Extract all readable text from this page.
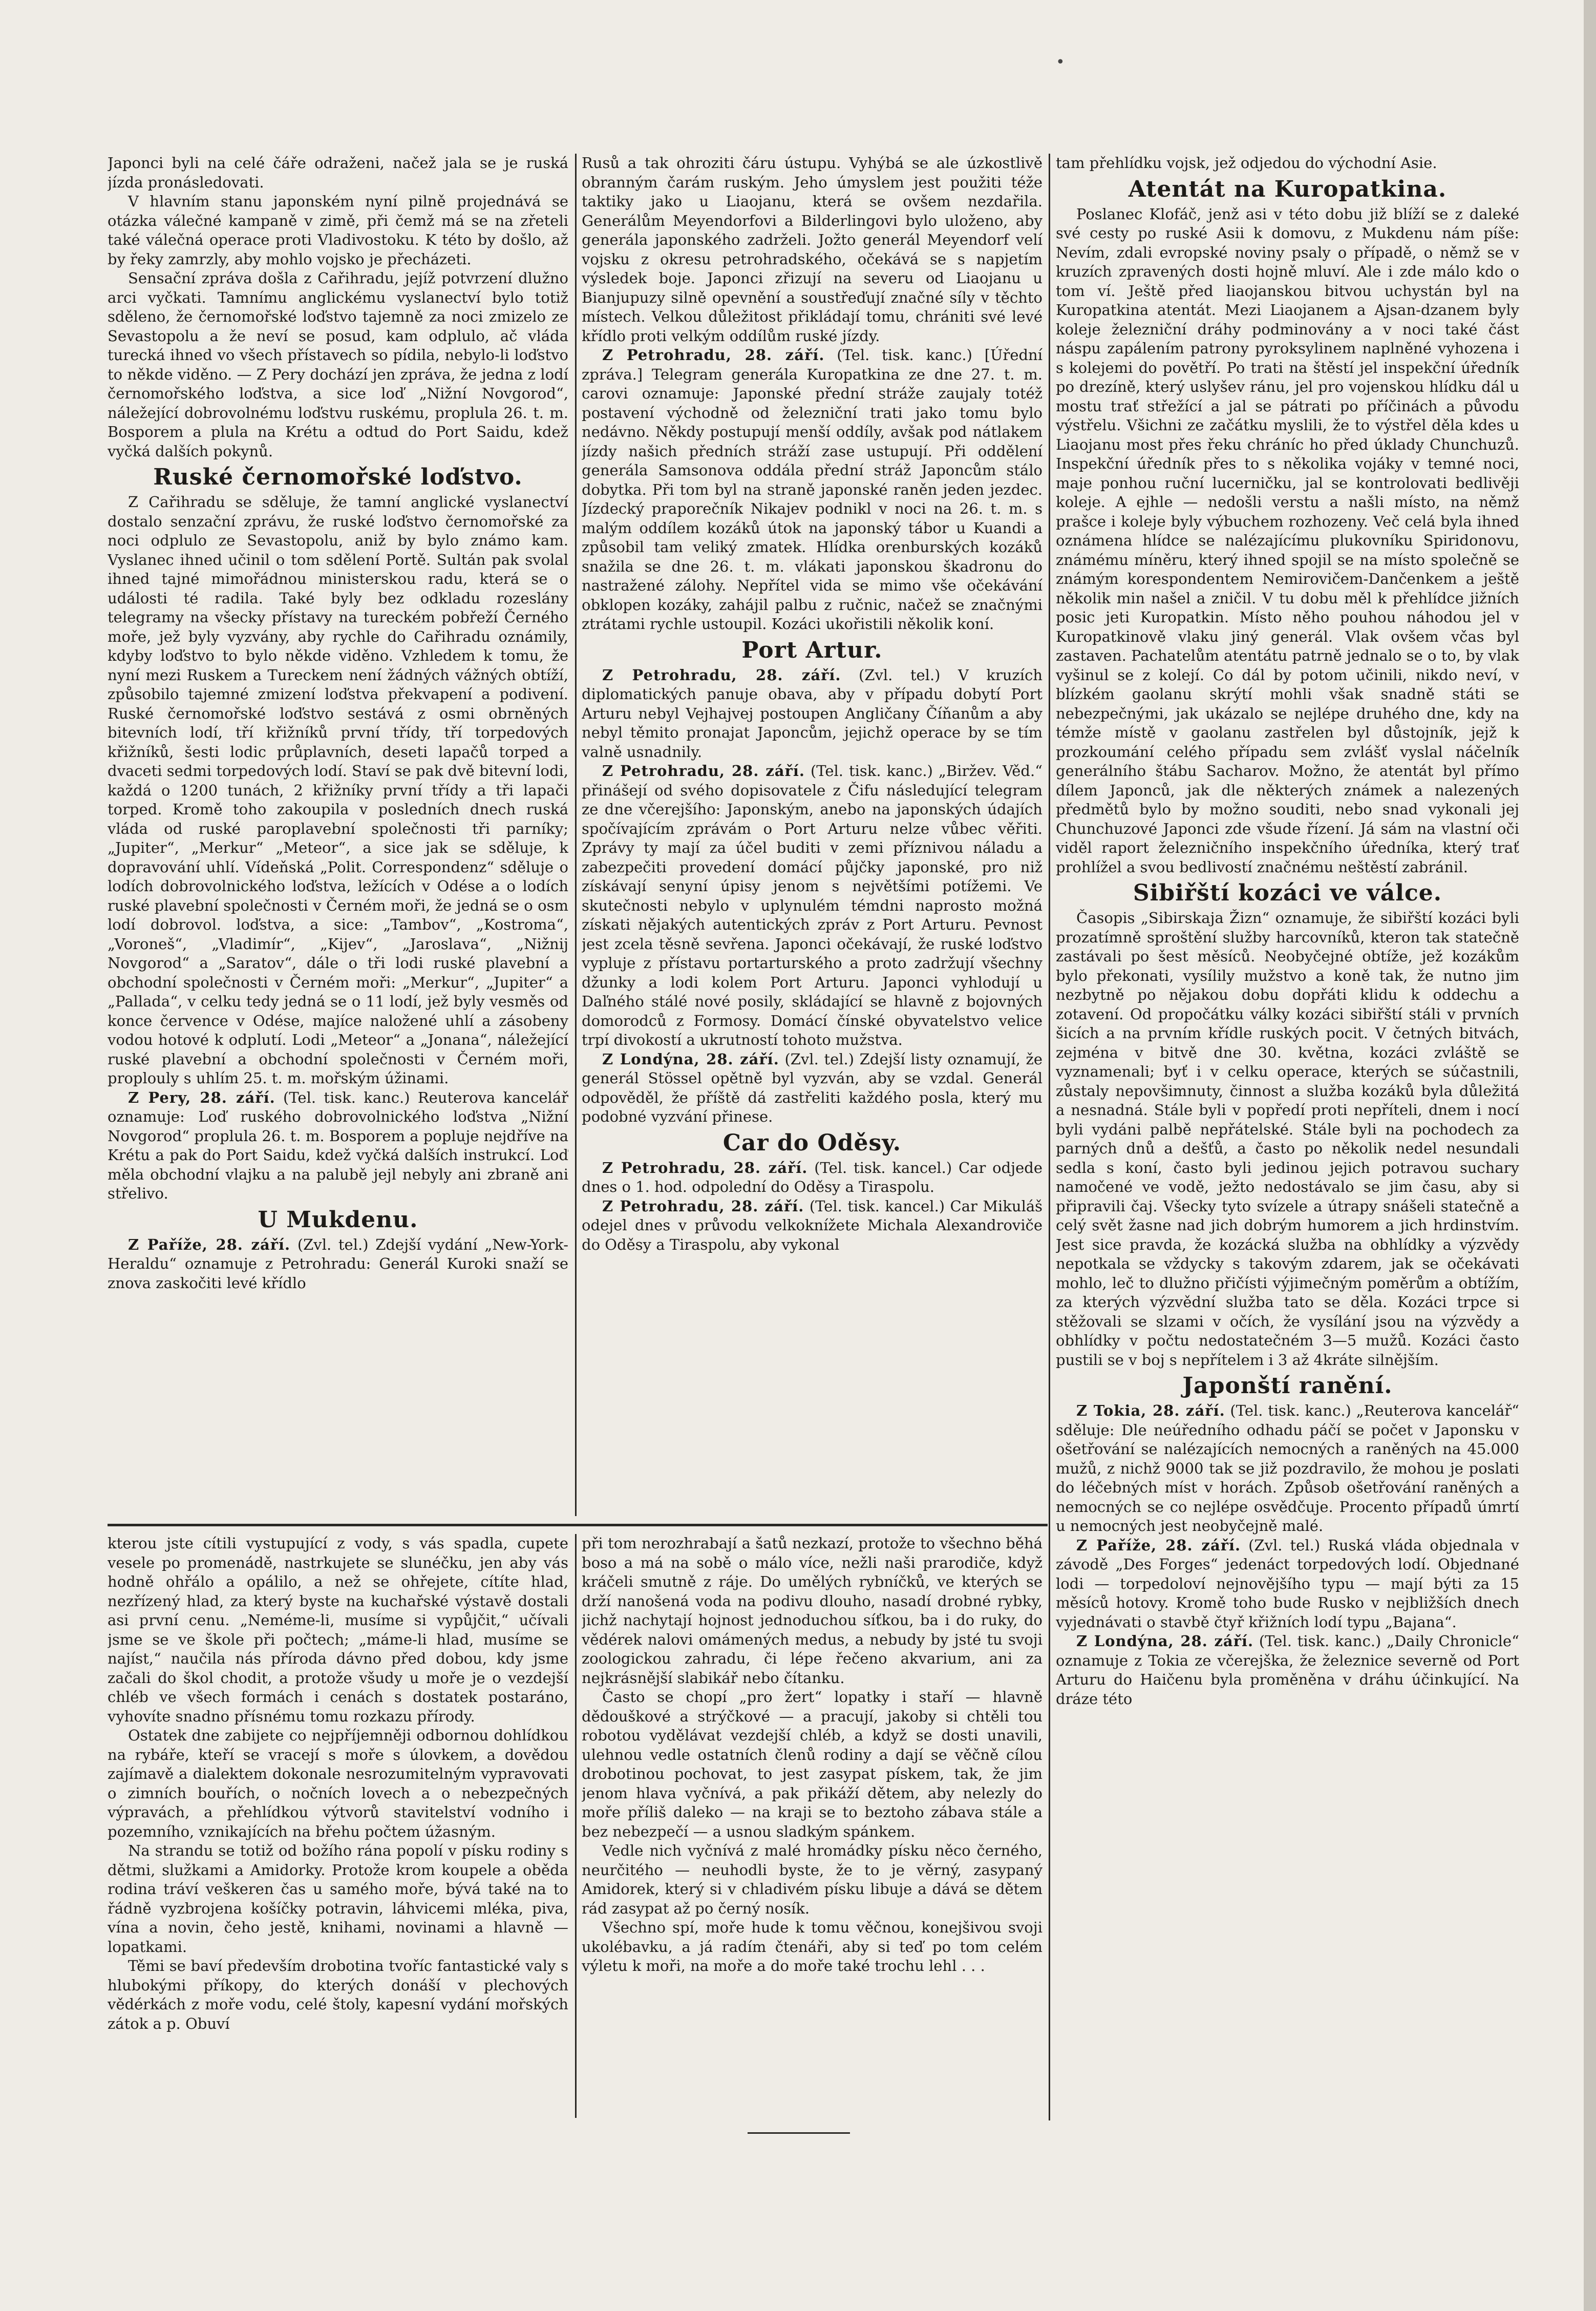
•

Japonci byli na celé čáře odraženi, načež jala se je ruská jízda pronásledovati.

V hlavním stanu japonském nyní pilně projednává se otázka válečné kampaně v zimě, při čemž má se na zřeteli také válečná operace proti Vladivostoku. K této by došlo, až by řeky zamrzly, aby mohlo vojsko je přecházeti.

Sensační zpráva došla z Cařihradu, jejíž potvrzení dlužno arci vyčkati. Tamnímu anglickému vyslanectví bylo totiž sděleno, že černomořské loďstvo tajemně za noci zmizelo ze Sevastopolu a že neví se posud, kam odplulo, ač vláda turecká ihned vo všech přístavech so pídila, nebylo-li loďstvo to někde viděno. — Z Pery dochází jen zpráva, že jedna z lodí černomořského loďstva, a sice loď „Nižní Novgorod“, náležející dobrovolnému loďstvu ruskému, proplula 26. t. m. Bosporem a plula na Krétu a odtud do Port Saidu, kdež vyčká dalších pokynů.

Ruské černomořské loďstvo.

Z Cařihradu se sděluje, že tamní anglické vyslanectví dostalo senzační zprávu, že ruské loďstvo černomořské za noci odplulo ze Sevastopolu, aniž by bylo známo kam. Vyslanec ihned učinil o tom sdělení Portě. Sultán pak svolal ihned tajné mimořádnou ministerskou radu, která se o události té radila. Také byly bez odkladu rozeslány telegramy na všecky přístavy na tureckém pobřeží Černého moře, jež byly vyzvány, aby rychle do Cařihradu oznámily, kdyby loďstvo to bylo někde viděno. Vzhledem k tomu, že nyní mezi Ruskem a Tureckem není žádných vážných obtíží, způsobilo tajemné zmizení loďstva překvapení a podivení. Ruské černomořské loďstvo sestává z osmi obrněných bitevních lodí, tří křižníků první třídy, tří torpedových křižníků, šesti lodic průplavních, deseti lapačů torped a dvaceti sedmi torpedových lodí. Staví se pak dvě bitevní lodi, každá o 1200 tunách, 2 křižníky první třídy a tři lapači torped. Kromě toho zakoupila v posledních dnech ruská vláda od ruské paroplavební společnosti tři parníky; „Jupiter“, „Merkur“ „Meteor“, a sice jak se sděluje, k dopravování uhlí. Vídeňská „Polit. Correspondenz“ sděluje o lodích dobrovolnického loďstva, ležících v Odése a o lodích ruské plavební společnosti v Černém moři, že jedná se o osm lodí dobrovol. loďstva, a sice: „Tambov“, „Kostroma“, „Voroneš“, „Vladimír“, „Kijev“, „Jaroslava“, „Nižnij Novgorod“ a „Saratov“, dále o tři lodi ruské plavební a obchodní společnosti v Černém moři: „Merkur“, „Jupiter“ a „Pallada“, v celku tedy jedná se o 11 lodí, jež byly vesměs od konce července v Odése, majíce naložené uhlí a zásobeny vodou hotové k odplutí. Lodi „Meteor“ a „Jonana“, náležející ruské plavební a obchodní společnosti v Černém moři, proplouly s uhlím 25. t. m. mořským úžinami.

Z Pery, 28. září. (Tel. tisk. kanc.) Reuterova kancelář oznamuje: Loď ruského dobrovolnického loďstva „Nižní Novgorod“ proplula 26. t. m. Bosporem a popluje nejdříve na Krétu a pak do Port Saidu, kdež vyčká dalších instrukcí. Loď měla obchodní vlajku a na palubě jejl nebyly ani zbraně ani střelivo.

U Mukdenu.

Z Paříže, 28. září. (Zvl. tel.) Zdejší vydání „New-York-Heraldu“ oznamuje z Petrohradu: Generál Kuroki snaží se znova zaskočiti levé křídlo

Rusů a tak ohroziti čáru ústupu. Vyhýbá se ale úzkostlivě obranným čarám ruským. Jeho úmyslem jest použiti téže taktiky jako u Liaojanu, která se ovšem nezdařila. Generálům Meyendorfovi a Bilderlingovi bylo uloženo, aby generála japonského zadrželi. Jožto generál Meyendorf velí vojsku z okresu petrohradského, očekává se s napjetím výsledek boje. Japonci zřizují na severu od Liaojanu u Bianjupuzy silně opevnění a soustřeďují značné síly v těchto místech. Velkou důležitost přikládají tomu, chrániti své levé křídlo proti velkým oddílům ruské jízdy.

Z Petrohradu, 28. září. (Tel. tisk. kanc.) [Úřední zpráva.] Telegram generála Kuropatkina ze dne 27. t. m. carovi oznamuje: Japonské přední stráže zaujaly totéž postavení východně od železniční trati jako tomu bylo nedávno. Někdy postupují menší oddíly, avšak pod nátlakem jízdy našich předních stráží zase ustupují. Při oddělení generála Samsonova oddála přední stráž Japoncům stálo dobytka. Při tom byl na straně japonské raněn jeden jezdec. Jízdecký praporečník Nikajev podnikl v noci na 26. t. m. s malým oddílem kozáků útok na japonský tábor u Kuandi a způsobil tam veliký zmatek. Hlídka orenburských kozáků snažila se dne 26. t. m. vlákati japonskou škadronu do nastražené zálohy. Nepřítel vida se mimo vše očekávání obklopen kozáky, zahájil palbu z ručnic, načež se značnými ztrátami rychle ustoupil. Kozáci ukořistili několik koní.

Port Artur.

Z Petrohradu, 28. září. (Zvl. tel.) V kruzích diplomatických panuje obava, aby v případu dobytí Port Arturu nebyl Vejhajvej postoupen Angličany Číňanům a aby nebyl těmito pronajat Japoncům, jejichž operace by se tím valně usnadnily.

Z Petrohradu, 28. září. (Tel. tisk. kanc.) „Biržev. Věd.“ přinášejí od svého dopisovatele z Čifu následující telegram ze dne včerejšího: Japonským, anebo na japonských údajích spočívajícím zprávám o Port Arturu nelze vůbec věřiti. Zprávy ty mají za účel buditi v zemi příznivou náladu a zabezpečiti provedení domácí půjčky japonské, pro niž získávají senyní úpisy jenom s největšími potížemi. Ve skutečnosti nebylo v uplynulém témdni naprosto možná získati nějakých autentických zpráv z Port Arturu. Pevnost jest zcela těsně sevřena. Japonci očekávají, že ruské loďstvo vypluje z přístavu portarturského a proto zadržují všechny džunky a lodi kolem Port Arturu. Japonci vyhlodují u Daľného stálé nové posily, skládající se hlavně z bojovných domorodců z Formosy. Domácí čínské obyvatelstvo velice trpí divokostí a ukrutností tohoto mužstva.

Z Londýna, 28. září. (Zvl. tel.) Zdejší listy oznamují, že generál Stössel opětně byl vyzván, aby se vzdal. Generál odpověděl, že příště dá zastřeliti každého posla, který mu podobné vyzvání přinese.

Car do Oděsy.

Z Petrohradu, 28. září. (Tel. tisk. kancel.) Car odjede dnes o 1. hod. odpolední do Oděsy a Tiraspolu.

Z Petrohradu, 28. září. (Tel. tisk. kancel.) Car Mikuláš odejel dnes v průvodu velkoknížete Michala Alexandroviče do Oděsy a Tiraspolu, aby vykonal

tam přehlídku vojsk, jež odjedou do východní Asie.

Atentát na Kuropatkina.

Poslanec Klofáč, jenž asi v této dobu již blíží se z daleké své cesty po ruské Asii k domovu, z Mukdenu nám píše: Nevím, zdali evropské noviny psaly o případě, o němž se v kruzích zpravených dosti hojně mluví. Ale i zde málo kdo o tom ví. Ještě před liaojanskou bitvou uchystán byl na Kuropatkina atentát. Mezi Liaojanem a Ajsan-dzanem byly koleje železniční dráhy podminovány a v noci také část náspu zapálením patrony pyroksylinem naplněné vyhozena i s kolejemi do povětří. Po trati na štěstí jel inspekční úředník po drezíně, který uslyšev ránu, jel pro vojenskou hlídku dál u mostu trať střežící a jal se pátrati po příčinách a původu výstřelu. Všichni ze začátku myslili, že to výstřel děla kdes u Liaojanu most přes řeku chráníc ho před úklady Chunchuzů. Inspekční úředník přes to s několika vojáky v temné noci, maje ponhou ruční lucerničku, jal se kontrolovati bedlivěji koleje. A ejhle — nedošli verstu a našli místo, na němž prašce i koleje byly výbuchem rozhozeny. Več celá byla ihned oznámena hlídce se nalézajícímu plukovníku Spiridonovu, známému míněru, který ihned spojil se na místo společně se známým korespondentem Nemirovičem-Dančenkem a ještě několik min našel a zničil. V tu dobu měl k přehlídce jižních posic jeti Kuropatkin. Místo něho pouhou náhodou jel v Kuropatkinově vlaku jiný generál. Vlak ovšem včas byl zastaven. Pachatelům atentátu patrně jednalo se o to, by vlak vyšinul se z kolejí. Co dál by potom učinili, nikdo neví, v blízkém gaolanu skrýtí mohli však snadně státi se nebezpečnými, jak ukázalo se nejlépe druhého dne, kdy na témže místě v gaolanu zastřelen byl důstojník, jejž k prozkoumání celého případu sem zvlášť vyslal náčelník generálního štábu Sacharov. Možno, že atentát byl přímo dílem Japonců, jak dle některých známek a nalezených předmětů bylo by možno souditi, nebo snad vykonali jej Chunchuzové Japonci zde všude řízení. Já sám na vlastní oči viděl raport železničního inspekčního úředníka, který trať prohlížel a svou bedlivostí značnému neštěstí zabránil.

Sibiřští kozáci ve válce.

Časopis „Sibirskaja Žizn“ oznamuje, že sibiřští kozáci byli prozatímně sproštění služby harcovníků, kteron tak statečně zastávali po šest měsíců. Neobyčejné obtíže, jež kozákům bylo překonati, vysílily mužstvo a koně tak, že nutno jim nezbytně po nějakou dobu dopřáti klidu k oddechu a zotavení. Od propočátku války kozáci sibiřští stáli v prvních šicích a na prvním křídle ruských pocit. V četných bitvách, zejména v bitvě dne 30. května, kozáci zvláště se vyznamenali; byť i v celku operace, kterých se súčastnili, zůstaly nepovšimnuty, činnost a služba kozáků byla důležitá a nesnadná. Stále byli v popředí proti nepříteli, dnem i nocí byli vydáni palbě nepřátelské. Stále byli na pochodech za parných dnů a dešťů, a často po několik nedel nesundali sedla s koní, často byli jedinou jejich potravou suchary namočené ve vodě, ježto nedostávalo se jim času, aby si připravili čaj. Všecky tyto svízele a útrapy snášeli statečně a celý svět žasne nad jich dobrým humorem a jich hrdinstvím. Jest sice pravda, že kozácká služba na obhlídky a výzvědy nepotkala se vždycky s takovým zdarem, jak se očekávati mohlo, leč to dlužno přičísti výjimečným poměrům a obtížím, za kterých výzvědní služba tato se děla. Kozáci trpce si stěžovali se slzami v očích, že vysílání jsou na výzvědy a obhlídky v počtu nedostatečném 3—5 mužů. Kozáci často pustili se v boj s nepřítelem i 3 až 4kráte silnějším.

Japonští ranění.

Z Tokia, 28. září. (Tel. tisk. kanc.) „Reuterova kancelář“ sděluje: Dle neúředního odhadu páčí se počet v Japonsku v ošetřování se nalézajících nemocných a raněných na 45.000 mužů, z nichž 9000 tak se již pozdravilo, že mohou je poslati do léčebných míst v horách. Způsob ošetřování raněných a nemocných se co nejlépe osvědčuje. Procento případů úmrtí u nemocných jest neobyčejně malé.

Z Paříže, 28. září. (Zvl. tel.) Ruská vláda objednala v závodě „Des Forges“ jedenáct torpedových lodí. Objednané lodi — torpedoloví nejnovějšího typu — mají býti za 15 měsíců hotovy. Kromě toho bude Rusko v nejbližších dnech vyjednávati o stavbě čtyř křižních lodí typu „Bajana“.

Z Londýna, 28. září. (Tel. tisk. kanc.) „Daily Chronicle“ oznamuje z Tokia ze včerejška, že železnice severně od Port Arturu do Haičenu byla proměněna v dráhu účinkující. Na dráze této

kterou jste cítili vystupující z vody, s vás spadla, cupete vesele po promenádě, nastrkujete se slunéčku, jen aby vás hodně ohřálo a opálilo, a než se ohřejete, cítíte hlad, nezřízený hlad, za který byste na kuchařské výstavě dostali asi první cenu. „Neméme-li, musíme si vypůjčit,“ učívali jsme se ve škole při počtech; „máme-li hlad, musíme se najíst,“ naučila nás příroda dávno před dobou, kdy jsme začali do škol chodit, a protože všudy u moře je o vezdejší chléb ve všech formách i cenách s dostatek postaráno, vyhovíte snadno přísnému tomu rozkazu přírody.

Ostatek dne zabijete co nejpříjemněji odbornou dohlídkou na rybáře, kteří se vracejí s moře s úlovkem, a dovědou zajímavě a dialektem dokonale nesrozumitelným vypravovati o zimních bouřích, o nočních lovech a o nebezpečných výpravách, a přehlídkou výtvorů stavitelství vodního i pozemního, vznikajících na břehu počtem úžasným.

Na strandu se totiž od božího rána popolí v písku rodiny s dětmi, služkami a Amidorky. Protože krom koupele a oběda rodina tráví veškeren čas u samého moře, bývá také na to řádně vyzbrojena košíčky potravin, láhvicemi mléka, piva, vína a novin, čeho jestě, knihami, novinami a hlavně — lopatkami.

Těmi se baví především drobotina tvoříc fantastické valy s hlubokými příkopy, do kterých donáší v plechových vědérkách z moře vodu, celé štoly, kapesní vydání mořských zátok a p. Obuví

při tom nerozhrabají a šatů nezkazí, protože to všechno běhá boso a má na sobě o málo více, nežli naši prarodiče, když kráčeli smutně z ráje. Do umělých rybníčků, ve kterých se drží nanošená voda na podivu dlouho, nasadí drobné rybky, jichž nachytají hojnost jednoduchou síťkou, ba i do ruky, do vědérek nalovi omámených medus, a nebudy by jsté tu svoji zoologickou zahradu, či lépe řečeno akvarium, ani za nejkrásnější slabikář nebo čítanku.

Často se chopí „pro žert“ lopatky i staří — hlavně dědouškové a strýčkové — a pracují, jakoby si chtěli tou robotou vydělávat vezdejší chléb, a když se dosti unavili, ulehnou vedle ostatních členů rodiny a dají se věčně cílou drobotinou pochovat, to jest zasypat pískem, tak, že jim jenom hlava vyčnívá, a pak přikáží dětem, aby nelezly do moře příliš daleko — na kraji se to beztoho zábava stále a bez nebezpečí — a usnou sladkým spánkem.

Vedle nich vyčnívá z malé hromádky písku něco černého, neurčitého — neuhodli byste, že to je věrný, zasypaný Amidorek, který si v chladivém písku libuje a dává se dětem rád zasypat až po černý nosík.

Všechno spí, moře hude k tomu věčnou, konejšivou svoji ukolébavku, a já radím čtenáři, aby si teď po tom celém výletu k moři, na moře a do moře také trochu lehl . . .
